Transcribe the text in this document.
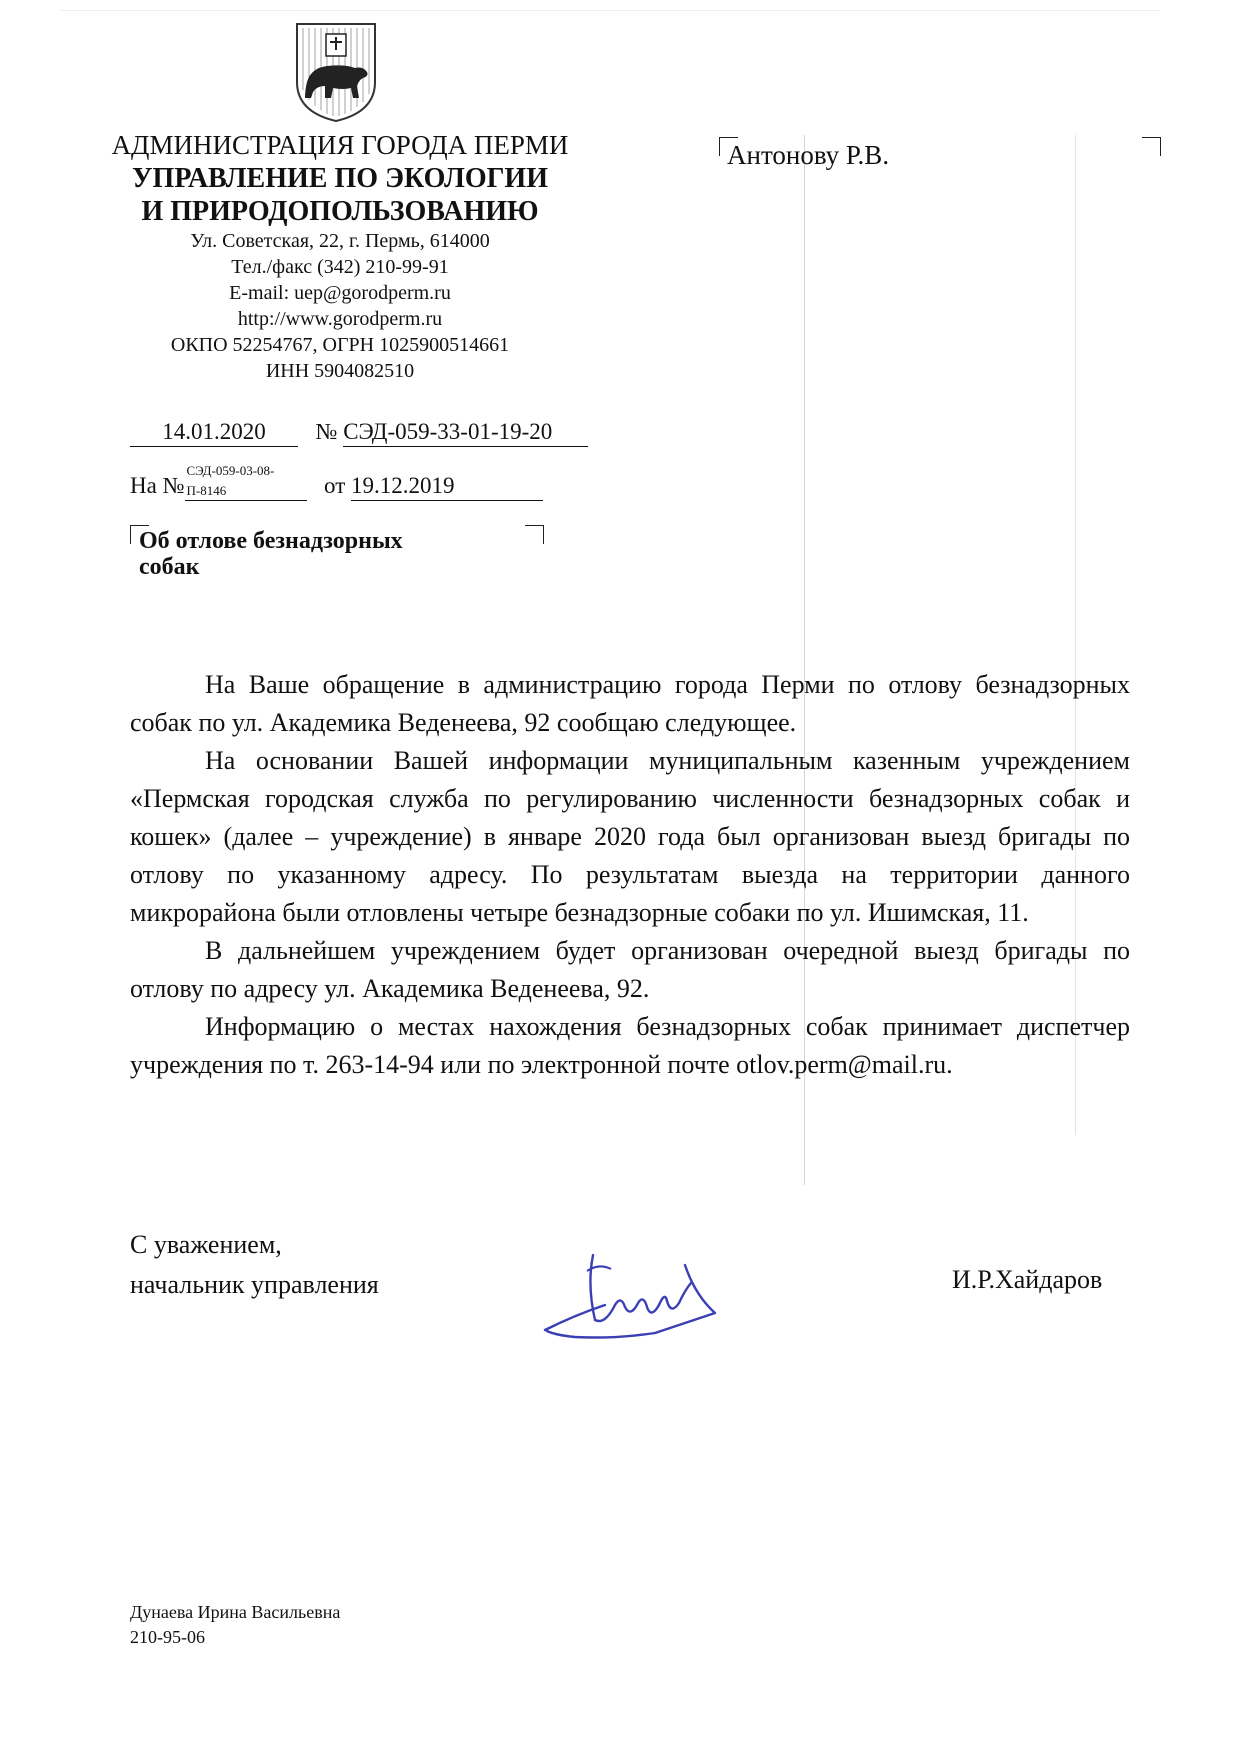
АДМИНИСТРАЦИЯ ГОРОДА ПЕРМИ
УПРАВЛЕНИЕ ПО ЭКОЛОГИИ
И ПРИРОДОПОЛЬЗОВАНИЮ
Ул. Советская, 22, г. Пермь, 614000
Тел./факс (342) 210-99-91
E-mail: uep@gorodperm.ru
http://www.gorodperm.ru
ОКПО 52254767, ОГРН 1025900514661
ИНН 5904082510
Антонову Р.В.
14.01.2020 № СЭД-059-33-01-19-20
На №
СЭД-059-03-08-
П-8146	от 19.12.2019
Об отлове безнадзорных
собак

На Ваше обращение в администрацию города Перми по отлову безнадзорных собак по ул. Академика Веденеева, 92 сообщаю следующее.

На основании Вашей информации муниципальным казенным учреждением «Пермская городская служба по регулированию численности безнадзорных собак и кошек» (далее – учреждение) в январе 2020 года был организован выезд бригады по отлову по указанному адресу. По результатам выезда на территории данного микрорайона были отловлены четыре безнадзорные собаки по ул. Ишимская, 11.

В дальнейшем учреждением будет организован очередной выезд бригады по отлову по адресу ул. Академика Веденеева, 92.

Информацию о местах нахождения безнадзорных собак принимает диспетчер учреждения по т. 263-14-94 или по электронной почте otlov.perm@mail.ru.

С уважением,
начальник управления	И.Р.Хайдаров
Дунаева Ирина Васильевна
210-95-06
